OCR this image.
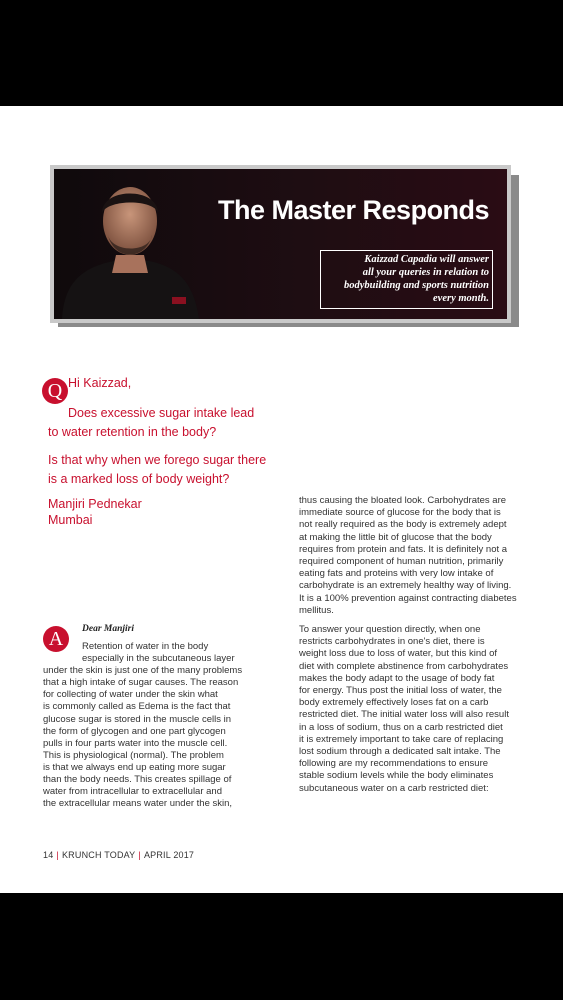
The Master Responds
Kaizzad Capadia will answer
all your queries in relation to
bodybuilding and sports nutrition
every month.
Q Hi Kaizzad,

Does excessive sugar intake lead

to water retention in the body?

Is that why when we forego sugar there

is a marked loss of body weight?

Manjiri Pednekar
Mumbai
A	Dear Manjiri
Retention of water in the body
especially in the subcutaneous layer
under the skin is just one of the many problems
that a high intake of sugar causes. The reason
for collecting of water under the skin what
is commonly called as Edema is the fact that
glucose sugar is stored in the muscle cells in
the form of glycogen and one part glycogen
pulls in four parts water into the muscle cell.
This is physiological (normal). The problem
is that we always end up eating more sugar
than the body needs. This creates spillage of
water from intracellular to extracellular and
the extracellular means water under the skin,

thus causing the bloated look. Carbohydrates are
immediate source of glucose for the body that is
not really required as the body is extremely adept
at making the little bit of glucose that the body
requires from protein and fats. It is definitely not a
required component of human nutrition, primarily
eating fats and proteins with very low intake of
carbohydrate is an extremely healthy way of living.
It is a 100% prevention against contracting diabetes
mellitus.

To answer your question directly, when one
restricts carbohydrates in one's diet, there is
weight loss due to loss of water, but this kind of
diet with complete abstinence from carbohydrates
makes the body adapt to the usage of body fat
for energy. Thus post the initial loss of water, the
body extremely effectively loses fat on a carb
restricted diet. The initial water loss will also result
in a loss of sodium, thus on a carb restricted diet
it is extremely important to take care of replacing
lost sodium through a dedicated salt intake. The
following are my recommendations to ensure
stable sodium levels while the body eliminates
subcutaneous water on a carb restricted diet:

14 | KRUNCH TODAY | APRIL 2017
